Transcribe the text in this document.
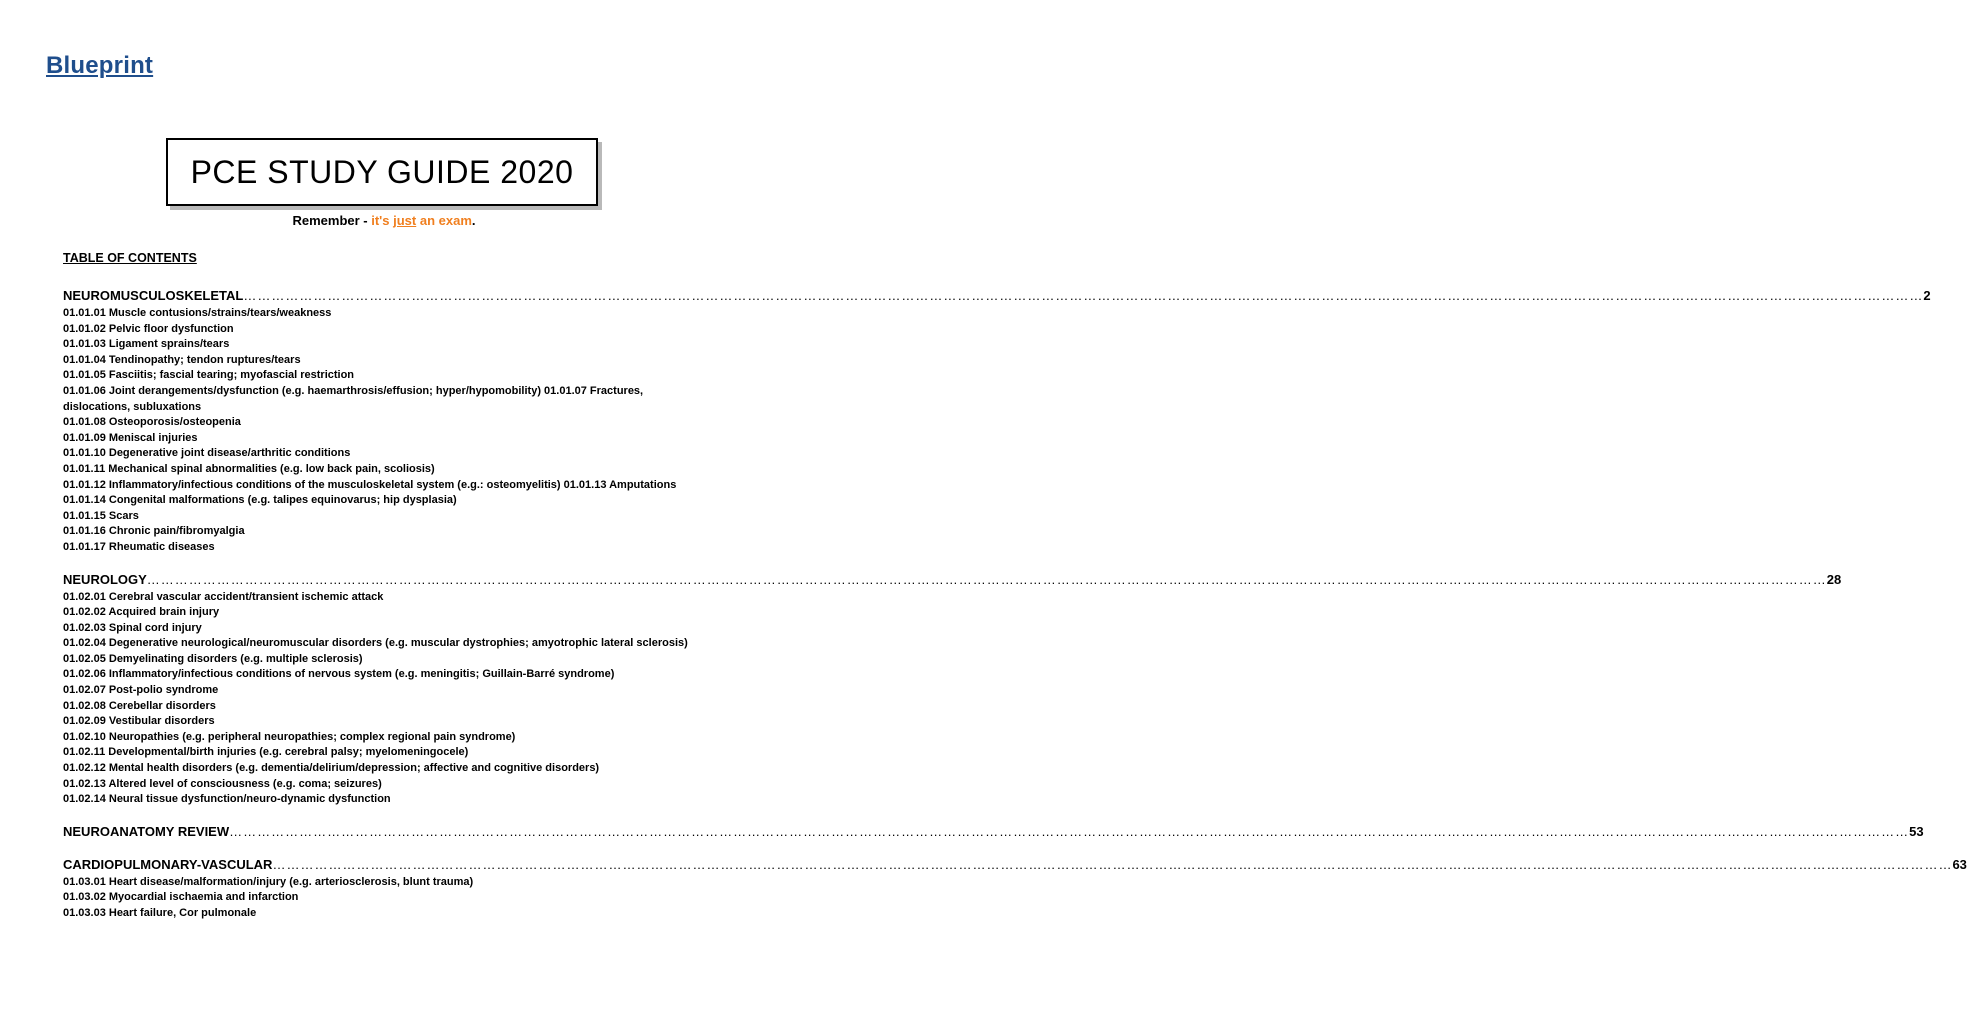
Blueprint
PCE STUDY GUIDE 2020
Remember - it's just an exam.
TABLE OF CONTENTS
NEUROMUSCULOSKELETAL ……………………………………………………………………………………………………………………………………………………………………………………………………………………………………………………………………………………………………………………………… 2
01.01.01 Muscle contusions/strains/tears/weakness
01.01.02 Pelvic floor dysfunction
01.01.03 Ligament sprains/tears
01.01.04 Tendinopathy; tendon ruptures/tears
01.01.05 Fasciitis; fascial tearing; myofascial restriction
01.01.06 Joint derangements/dysfunction (e.g. haemarthrosis/effusion; hyper/hypomobility) 01.01.07 Fractures, dislocations, subluxations
01.01.08 Osteoporosis/osteopenia
01.01.09 Meniscal injuries
01.01.10 Degenerative joint disease/arthritic conditions
01.01.11 Mechanical spinal abnormalities (e.g. low back pain, scoliosis)
01.01.12 Inflammatory/infectious conditions of the musculoskeletal system (e.g.: osteomyelitis) 01.01.13 Amputations
01.01.14 Congenital malformations (e.g. talipes equinovarus; hip dysplasia)
01.01.15 Scars
01.01.16 Chronic pain/fibromyalgia
01.01.17 Rheumatic diseases
NEUROLOGY ……………………………………………………………………………………………………………………………………………………………………………………………………………………………………………………………………………………………………………………………… 28
01.02.01 Cerebral vascular accident/transient ischemic attack
01.02.02 Acquired brain injury
01.02.03 Spinal cord injury
01.02.04 Degenerative neurological/neuromuscular disorders (e.g. muscular dystrophies; amyotrophic lateral sclerosis)
01.02.05 Demyelinating disorders (e.g. multiple sclerosis)
01.02.06 Inflammatory/infectious conditions of nervous system (e.g. meningitis; Guillain-Barré syndrome)
01.02.07 Post-polio syndrome
01.02.08 Cerebellar disorders
01.02.09 Vestibular disorders
01.02.10 Neuropathies (e.g. peripheral neuropathies; complex regional pain syndrome)
01.02.11 Developmental/birth injuries (e.g. cerebral palsy; myelomeningocele)
01.02.12 Mental health disorders (e.g. dementia/delirium/depression; affective and cognitive disorders)
01.02.13 Altered level of consciousness (e.g. coma; seizures)
01.02.14 Neural tissue dysfunction/neuro-dynamic dysfunction
NEUROANATOMY REVIEW ……………………………………………………………………………………………………………………………………………………………………………………………………………………………………………………………………………………………………………………………… 53
CARDIOPULMONARY-VASCULAR ……………………………………………………………………………………………………………………………………………………………………………………………………………………………………………………………………………………………………………………………… 63
01.03.01 Heart disease/malformation/injury (e.g. arteriosclerosis, blunt trauma)
01.03.02 Myocardial ischaemia and infarction
01.03.03 Heart failure, Cor pulmonale
